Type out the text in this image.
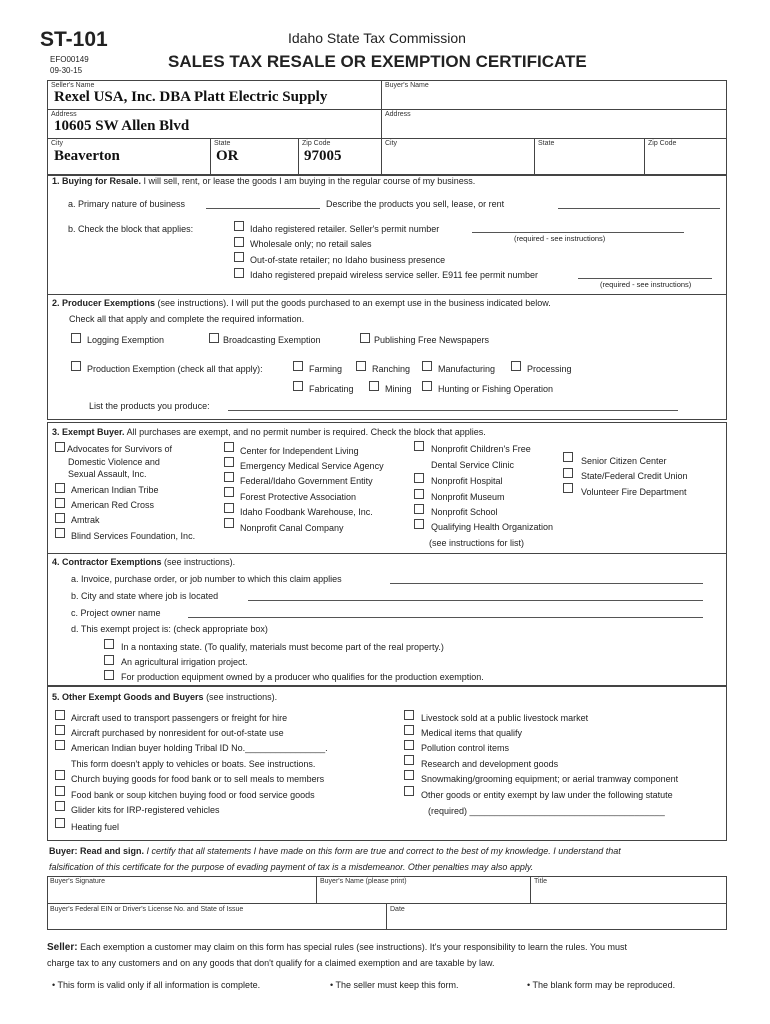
ST-101
EFO00149
09-30-15
Idaho State Tax Commission
SALES TAX RESALE OR EXEMPTION CERTIFICATE
Seller's Name
Rexel USA, Inc. DBA Platt Electric Supply
Address
10605 SW Allen Blvd
City
Beaverton
State
OR
Zip Code
97005
Buyer's Name
Address
City	State	Zip Code
1. Buying for Resale. I will sell, rent, or lease the goods I am buying in the regular course of my business.
a. Primary nature of business	Describe the products you sell, lease, or rent
b. Check the block that applies:	Idaho registered retailer. Seller's permit number
(required - see instructions)
Wholesale only; no retail sales
Out-of-state retailer; no Idaho business presence
Idaho registered prepaid wireless service seller. E911 fee permit number
(required - see instructions)
2. Producer Exemptions (see instructions). I will put the goods purchased to an exempt use in the business indicated below.
Check all that apply and complete the required information.
Logging Exemption	Broadcasting Exemption	Publishing Free Newspapers
Production Exemption (check all that apply):	Farming	Ranching	Manufacturing	Processing
Fabricating	Mining	Hunting or Fishing Operation
List the products you produce:
3. Exempt Buyer. All purchases are exempt, and no permit number is required. Check the block that applies.
Advocates for Survivors of
Domestic Violence and
Sexual Assault, Inc.
American Indian Tribe
American Red Cross
Amtrak
Blind Services Foundation, Inc.
Center for Independent Living
Emergency Medical Service Agency
Federal/Idaho Government Entity
Forest Protective Association
Idaho Foodbank Warehouse, Inc.
Nonprofit Canal Company
Nonprofit Children's Free
Dental Service Clinic
Nonprofit Hospital
Nonprofit Museum
Nonprofit School
Qualifying Health Organization
(see instructions for list)
Senior Citizen Center
State/Federal Credit Union
Volunteer Fire Department
4. Contractor Exemptions (see instructions).
a. Invoice, purchase order, or job number to which this claim applies
b. City and state where job is located
c. Project owner name
d. This exempt project is: (check appropriate box)
In a nontaxing state. (To qualify, materials must become part of the real property.)
An agricultural irrigation project.
For production equipment owned by a producer who qualifies for the production exemption.
5. Other Exempt Goods and Buyers (see instructions).
Aircraft used to transport passengers or freight for hire
Aircraft purchased by nonresident for out-of-state use
American Indian buyer holding Tribal ID No.________________.
This form doesn't apply to vehicles or boats. See instructions.
Church buying goods for food bank or to sell meals to members
Food bank or soup kitchen buying food or food service goods
Glider kits for IRP-registered vehicles
Heating fuel
Livestock sold at a public livestock market
Medical items that qualify
Pollution control items
Research and development goods
Snowmaking/grooming equipment; or aerial tramway component
Other goods or entity exempt by law under the following statute
(required) _______________________________________
Buyer: Read and sign. I certify that all statements I have made on this form are true and correct to the best of my knowledge. I understand that
falsification of this certificate for the purpose of evading payment of tax is a misdemeanor. Other penalties may also apply.
Buyer's Signature	Buyer's Name (please print)	Title
Buyer's Federal EIN or Driver's License No. and State of Issue	Date
Seller: Each exemption a customer may claim on this form has special rules (see instructions). It's your responsibility to learn the rules. You must
charge tax to any customers and on any goods that don't qualify for a claimed exemption and are taxable by law.
• This form is valid only if all information is complete.	• The seller must keep this form.	• The blank form may be reproduced.
